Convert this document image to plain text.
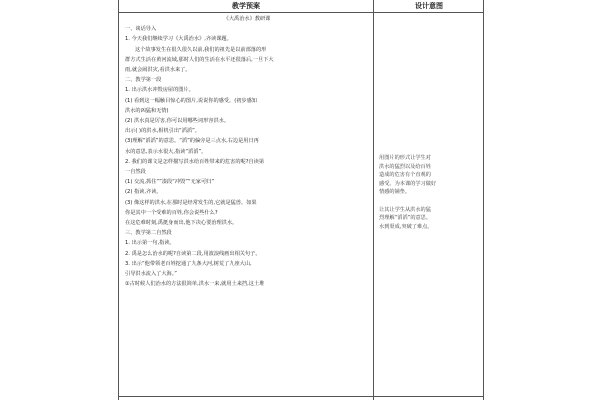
教学预案	设计意图
《大禹治水》教研课
一、谈话导入
1. 今天我们继续学习《大禹治水》,齐读课题。
这个故事发生在很久很久以前,我们的祖先是以前部落的形
群方式生活在黄河流域,那时人们的生活在水平还很落后,一旦下大
雨,就会闹洪灾,看洪水来了。
二、教学第一段
1. 出示洪水冲毁房屋的图片。
(1) 看到这一幅触目惊心的图片,说说你的感受。(初步感知
洪水的凶猛和无情)
(2) 洪水真是厉害,你可以用哪些词形容洪水。
出示( )的洪水,相机引出“滔滔”。
(3)理解“滔滔”的意思。“滔”的偏旁是三点水,右边是用日再
水的意思,表示水很大,指读“滔滔”。
2. 我们的课文是怎样描写洪水给百姓带来的危害的呢?自读第
一自然段
(1) 交流,抓住“”凑段“冲毁”“无家可归”
(2) 指读,齐读。
(3) 像这样的洪水,在那时是经常发生的,它就是猛兽。如果
你是其中一个受难的百姓,你会说些什么?
在这危难时刻,禹挺身而出,他下决心要治理洪水。
三、教学第二自然段
1. 出示第一句,指读。
2. 禹是怎么治水的呢?自读第二段,用波浪线画出相关句子。
3. 出示“他带领老百姓挖通了九条大河,树荒了九座大山,
引导洪水流入了大海。”
①古时候人们治水的方法很简单,洪水一来,就用土来挡,这土堆
用图片的形式让学生对
洪水的猛烈以及给百姓
造成的危害有个直观的
感受。为本课的学习做好
情感的铺垫。
让其让学生从洪水的猛
烈理解“滔滔”的意思。
水到渠成,突破了难点。
